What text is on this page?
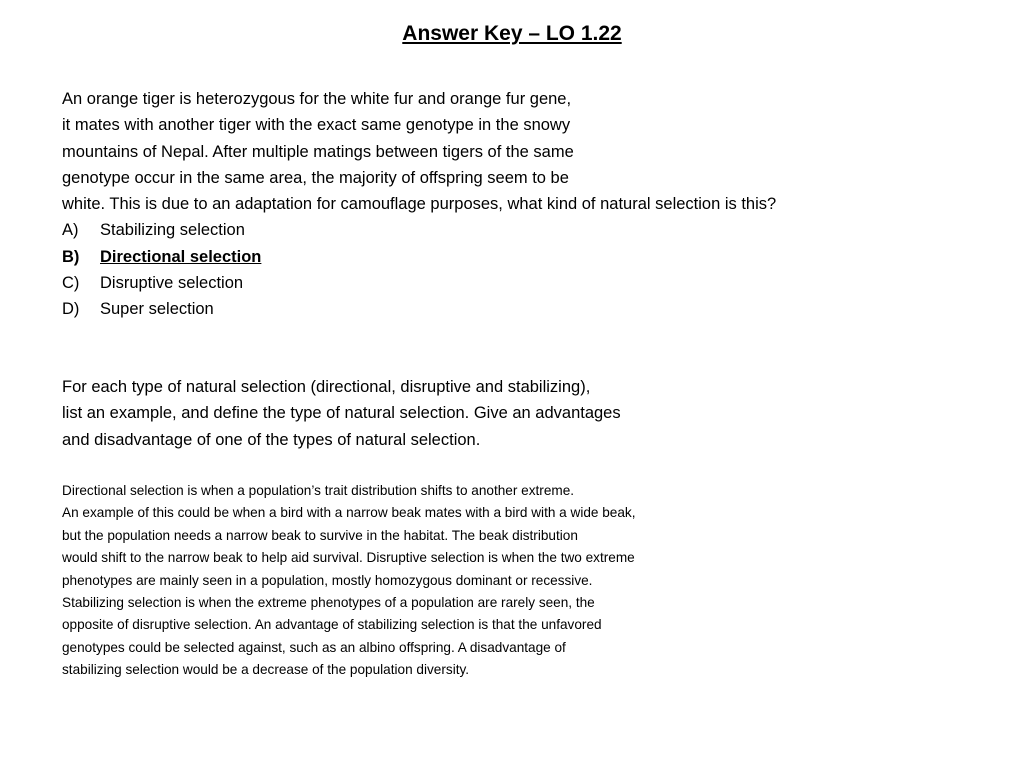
Answer Key – LO 1.22
An orange tiger is heterozygous for the white fur and orange fur gene,
it mates with another tiger with the exact same genotype in the snowy
mountains of Nepal. After multiple matings between tigers of the same
genotype occur in the same area, the majority of offspring seem to be
white. This is due to an adaptation for camouflage purposes, what kind of natural selection is this?
A)	Stabilizing selection
B)	Directional selection
C)	Disruptive selection
D)	Super selection
For each type of natural selection (directional, disruptive and stabilizing),
list an example, and define the type of natural selection. Give an advantages
and disadvantage of one of the types of natural selection.
Directional selection is when a population’s trait distribution shifts to another extreme.
An example of this could be when a bird with a narrow beak mates with a bird with a wide beak,
but the population needs a narrow beak to survive in the habitat. The beak distribution
would shift to the narrow beak to help aid survival. Disruptive selection is when the two extreme
phenotypes are mainly seen in a population, mostly homozygous dominant or recessive.
Stabilizing selection is when the extreme phenotypes of a population are rarely seen, the
opposite of disruptive selection. An advantage of stabilizing selection is that the unfavored
genotypes could be selected against, such as an albino offspring. A disadvantage of
stabilizing selection would be a decrease of the population diversity.
